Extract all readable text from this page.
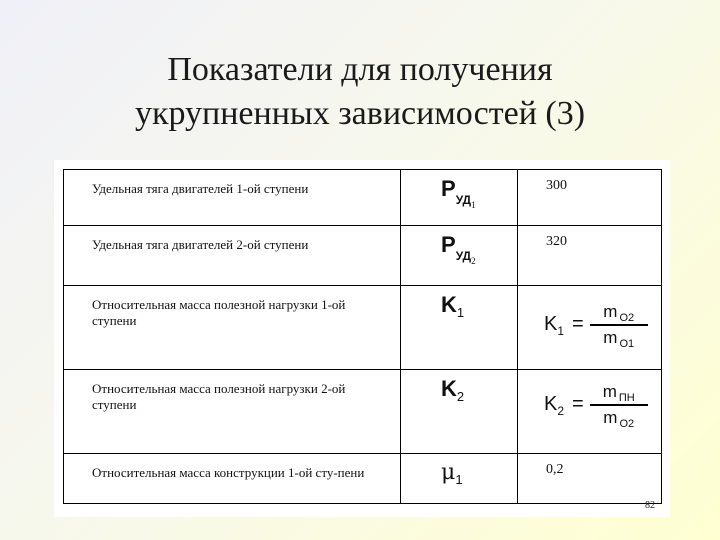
Показатели для получения
укрупненных зависимостей (3)
Удельная тяга двигателей 1-ой ступени	$P_{УД1}$	300
Удельная тяга двигателей 2-ой ступени	$P_{УД2}$	320
Относительная масса полезной нагрузки 1-ой ступени	$K_1$	$K_1 = \frac{m _{O2}}{m _{O1}}$

Относительная масса полезной нагрузки 2-ой ступени	$K_2$	$K_2 = \frac{m _{ПН}}{m _{O2}}$

Относительная масса конструкции 1-ой сту-пени	$\mu_1$	0,2
82
